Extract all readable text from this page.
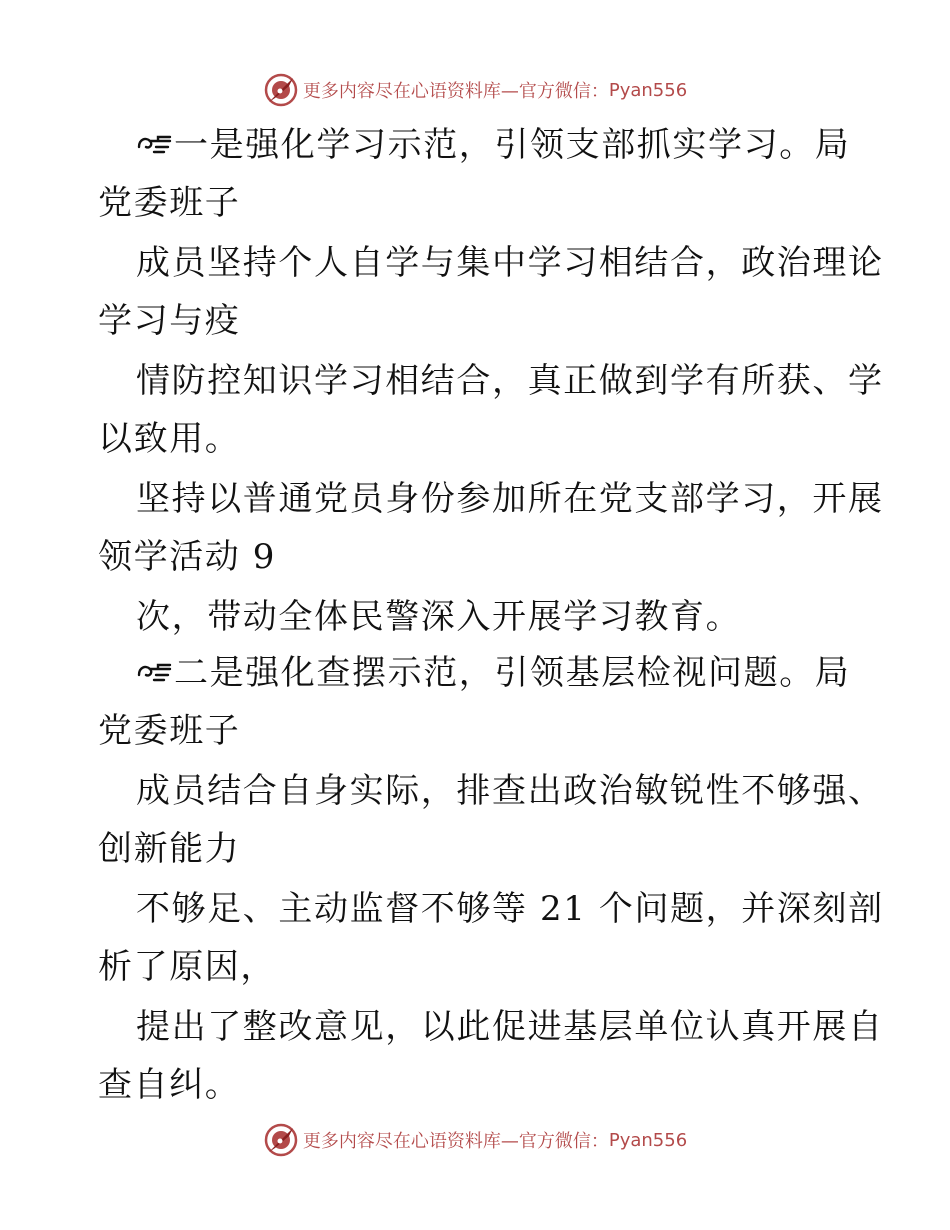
更多内容尽在心语资料库—官方微信： Pyan556
一是强化学习示范，引领支部抓实学习。局
党委班子
成员坚持个人自学与集中学习相结合，政治理论
学习与疫
情防控知识学习相结合，真正做到学有所获、学
以致用。
坚持以普通党员身份参加所在党支部学习，开展
领学活动 9
次，带动全体民警深入开展学习教育。
二是强化查摆示范，引领基层检视问题。局
党委班子
成员结合自身实际，排查出政治敏锐性不够强、
创新能力
不够足、主动监督不够等 21 个问题，并深刻剖
析了原因，
提出了整改意见，以此促进基层单位认真开展自
查自纠。
更多内容尽在心语资料库—官方微信： Pyan556
